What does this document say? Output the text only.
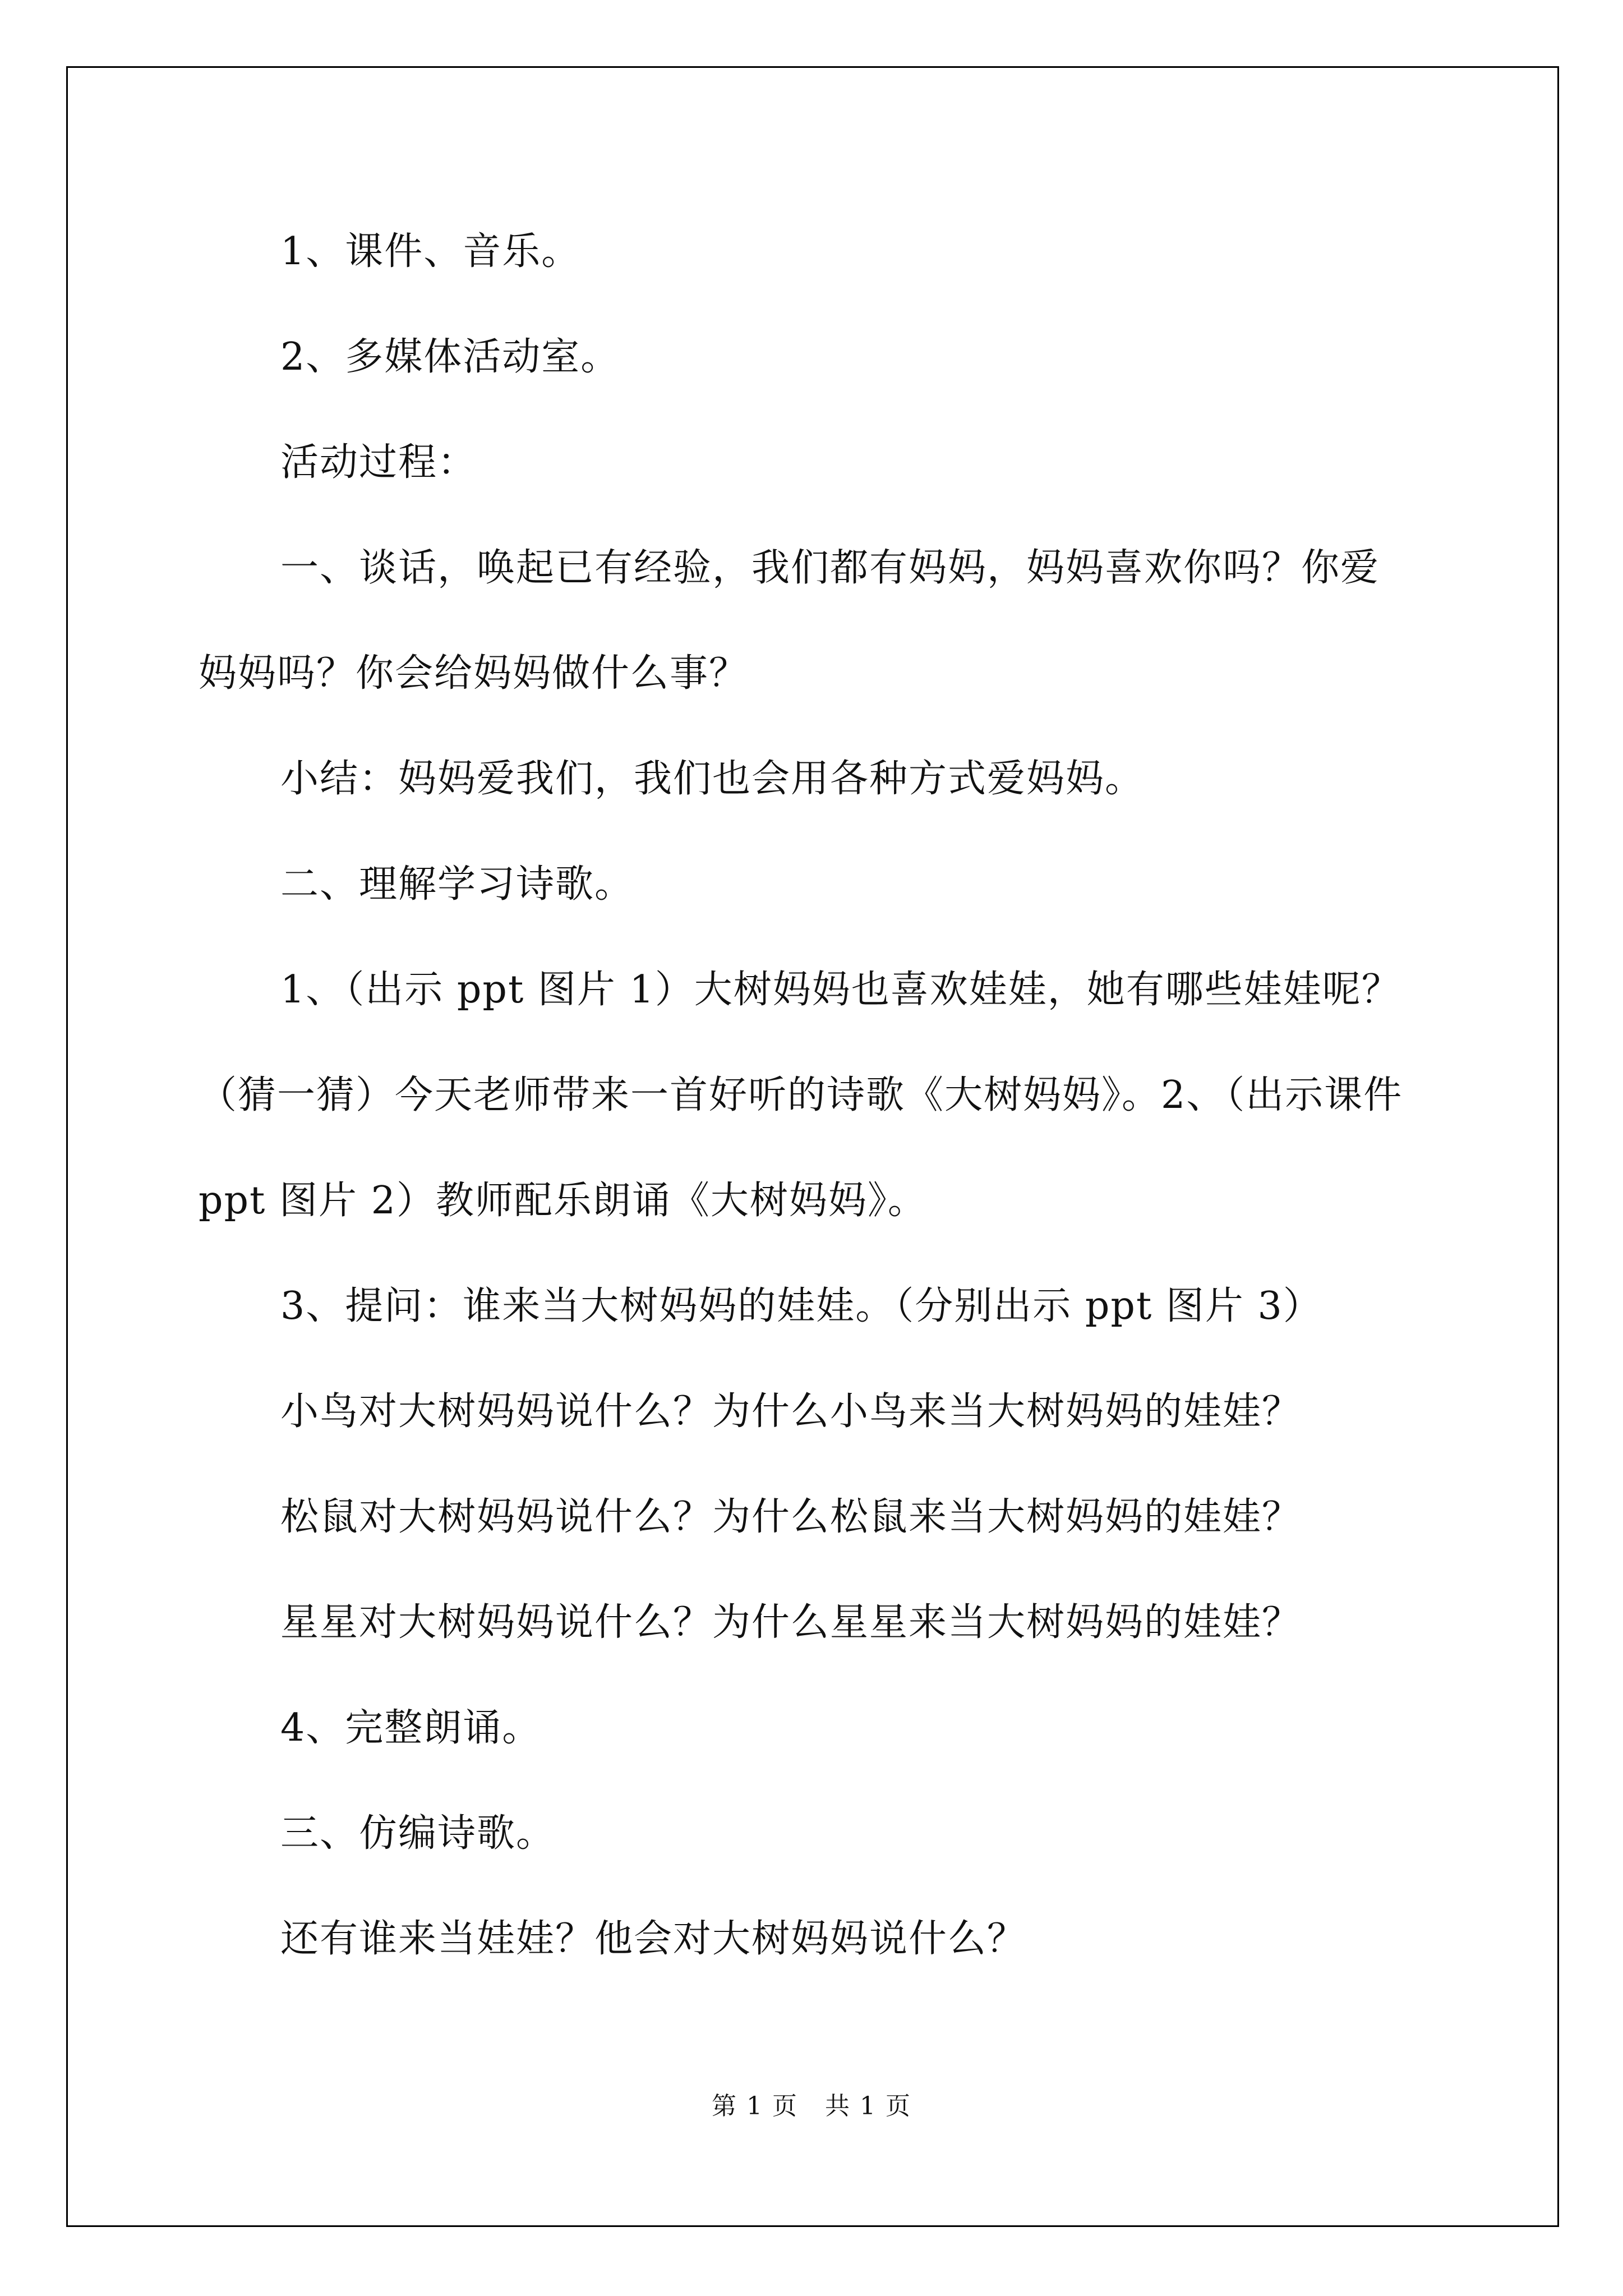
1、课件、音乐。
2、多媒体活动室。
活动过程：
一、谈话，唤起已有经验，我们都有妈妈，妈妈喜欢你吗？你爱
妈妈吗？你会给妈妈做什么事？
小结：妈妈爱我们，我们也会用各种方式爱妈妈。
二、理解学习诗歌。
1、（出示 ppt 图片 1）大树妈妈也喜欢娃娃，她有哪些娃娃呢？
（猜一猜）今天老师带来一首好听的诗歌《大树妈妈》。2、（出示课件
ppt 图片 2）教师配乐朗诵《大树妈妈》。
3、提问：谁来当大树妈妈的娃娃。（分别出示 ppt 图片 3）
小鸟对大树妈妈说什么？为什么小鸟来当大树妈妈的娃娃？
松鼠对大树妈妈说什么？为什么松鼠来当大树妈妈的娃娃？
星星对大树妈妈说什么？为什么星星来当大树妈妈的娃娃？
4、完整朗诵。
三、仿编诗歌。
还有谁来当娃娃？他会对大树妈妈说什么？
第 1 页 共 1 页
